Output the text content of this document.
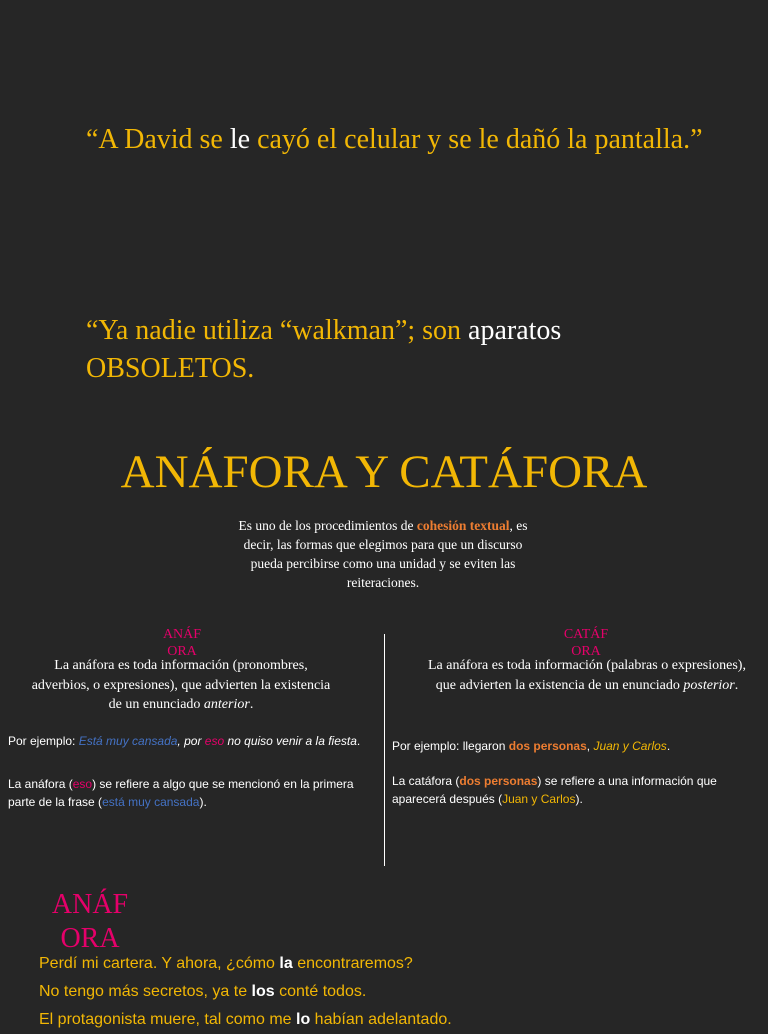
“A David se le cayó el celular y se le dañó la pantalla.”
“Ya nadie utiliza “walkman”; son aparatos OBSOLETOS.
ANÁFORA Y CATÁFORA
Es uno de los procedimientos de cohesión textual, es decir, las formas que elegimos para que un discurso pueda percibirse como una unidad y se eviten las reiteraciones.
ANÁF ORA
CATÁF ORA
La anáfora es toda información (pronombres, adverbios, o expresiones), que advierten la existencia de un enunciado anterior.
La anáfora es toda información (palabras o expresiones), que advierten la existencia de un enunciado posterior.
Por ejemplo: Está muy cansada, por eso no quiso venir a la fiesta.
La anáfora (eso) se refiere a algo que se mencionó en la primera parte de la frase (está muy cansada).
Por ejemplo: llegaron dos personas, Juan y Carlos.
La catáfora (dos personas) se refiere a una información que aparecerá después (Juan y Carlos).
ANÁF ORA
Perdí mi cartera. Y ahora, ¿cómo la encontraremos?
No tengo más secretos, ya te los conté todos.
El protagonista muere, tal como me lo habían adelantado.
